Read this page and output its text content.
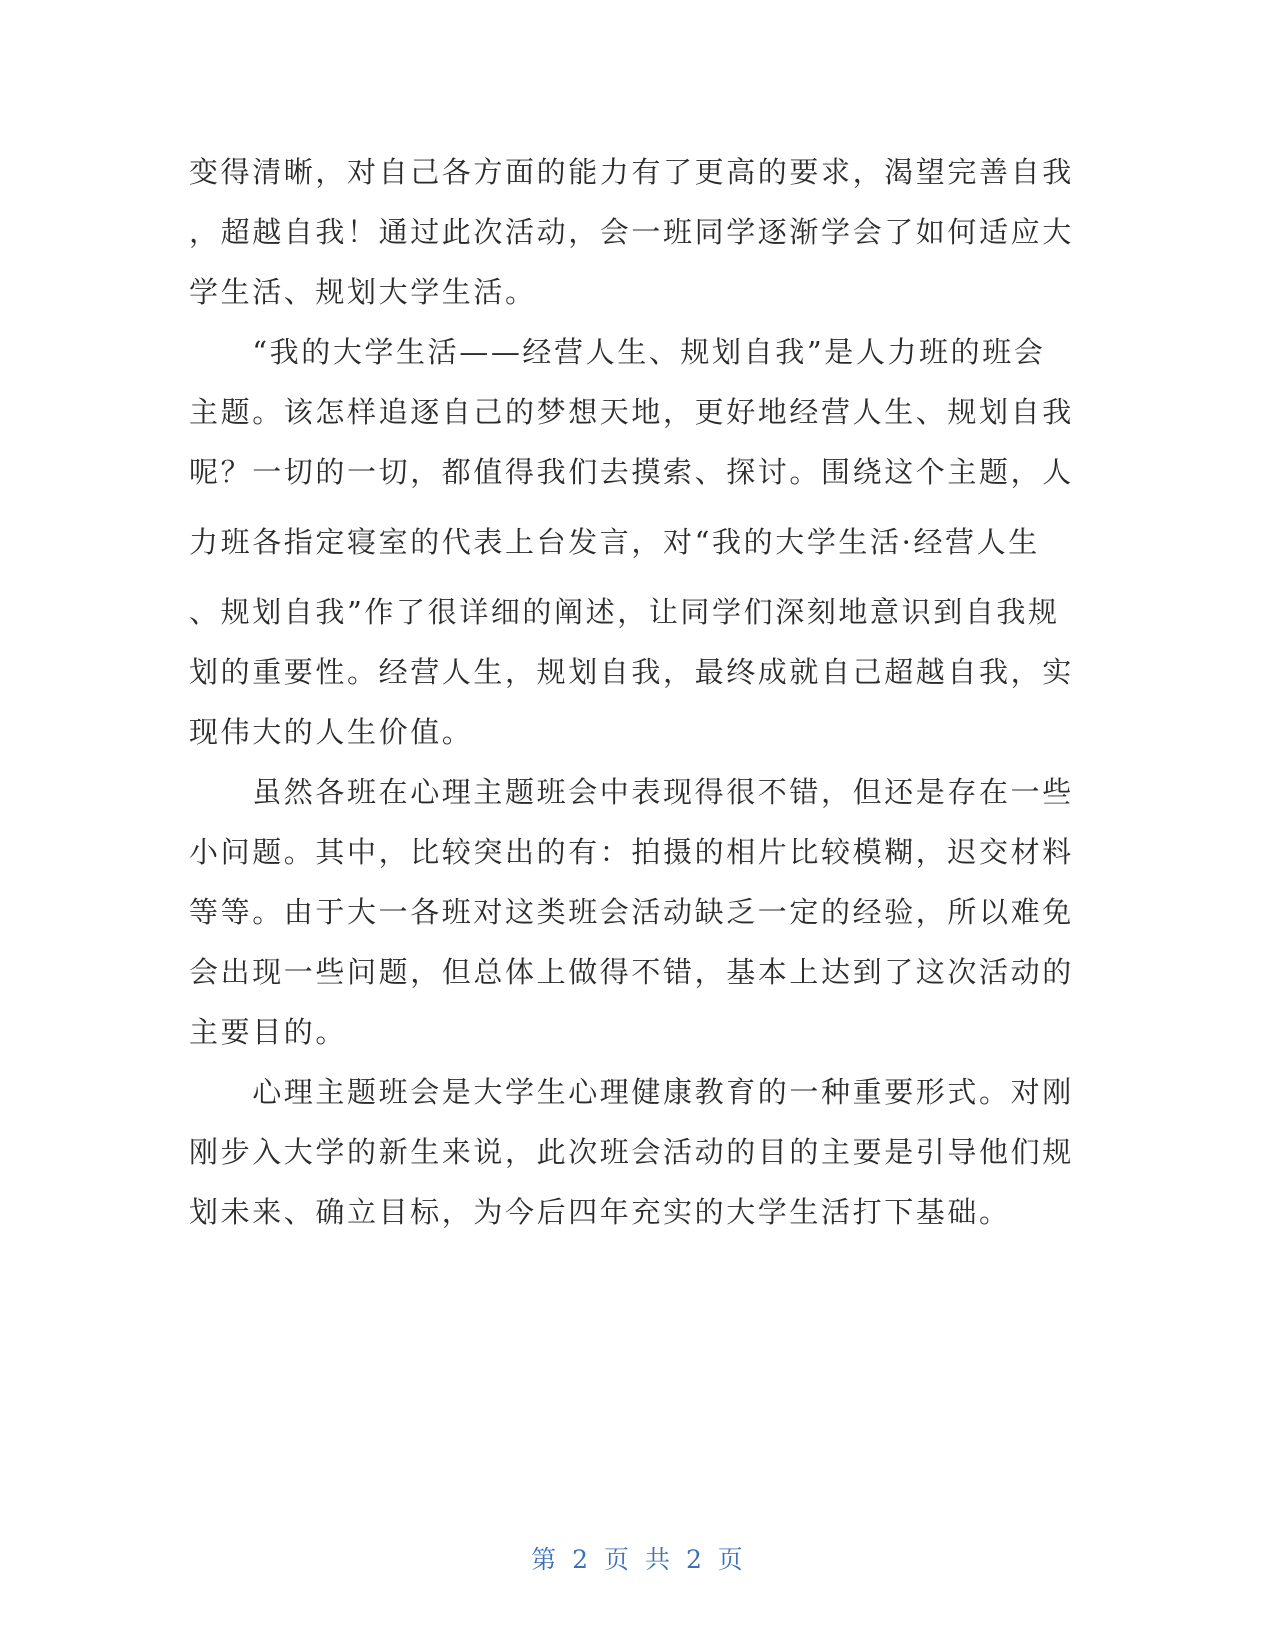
变得清晰，对自己各方面的能力有了更高的要求，渴望完善自我
，超越自我！通过此次活动，会一班同学逐渐学会了如何适应大
学生活、规划大学生活。
　　“我的大学生活——经营人生、规划自我”是人力班的班会
主题。该怎样追逐自己的梦想天地，更好地经营人生、规划自我
呢？一切的一切，都值得我们去摸索、探讨。围绕这个主题，人
力班各指定寝室的代表上台发言，对“我的大学生活·经营人生
、规划自我”作了很详细的阐述，让同学们深刻地意识到自我规
划的重要性。经营人生，规划自我，最终成就自己超越自我，实
现伟大的人生价值。
　　虽然各班在心理主题班会中表现得很不错，但还是存在一些
小问题。其中，比较突出的有：拍摄的相片比较模糊，迟交材料
等等。由于大一各班对这类班会活动缺乏一定的经验，所以难免
会出现一些问题，但总体上做得不错，基本上达到了这次活动的
主要目的。
　　心理主题班会是大学生心理健康教育的一种重要形式。对刚
刚步入大学的新生来说，此次班会活动的目的主要是引导他们规
划未来、确立目标，为今后四年充实的大学生活打下基础。
第 2 页 共 2 页
